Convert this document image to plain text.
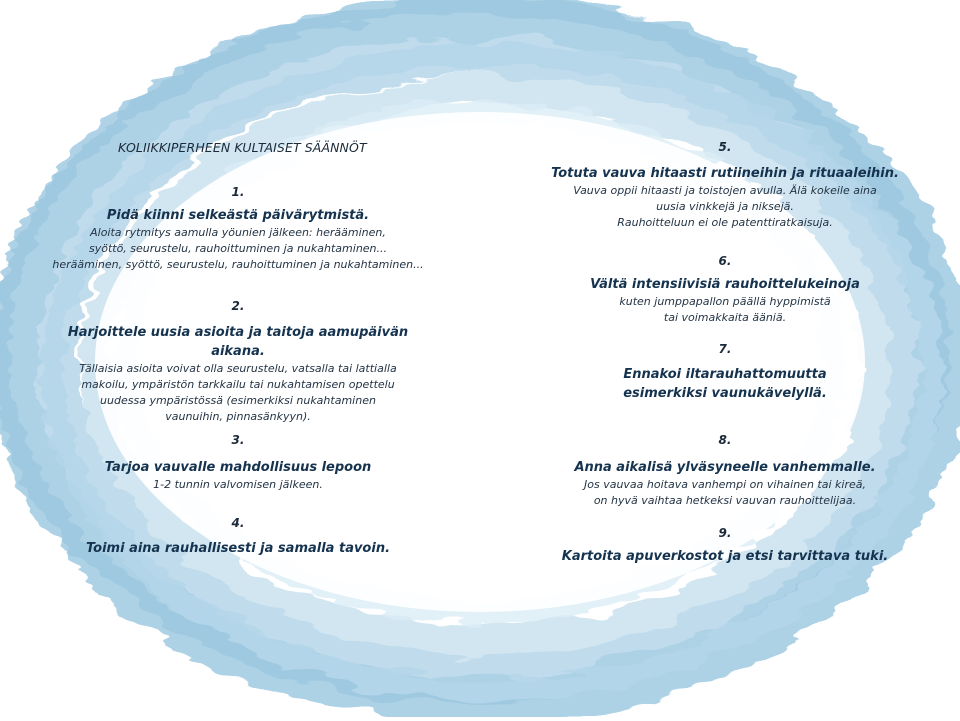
KOLIIKKIPERHEEN KULTAISET SÄÄNNÖT
1.
Pidä kiinni selkeästä päivärytmistä.
Aloita rytmitys aamulla yöunien jälkeen: herääminen,
syöttö, seurustelu, rauhoittuminen ja nukahtaminen...
herääminen, syöttö, seurustelu, rauhoittuminen ja nukahtaminen...
2.
Harjoittele uusia asioita ja taitoja aamupäivän aikana.
Tällaisia asioita voivat olla seurustelu, vatsalla tai lattialla
makoilu, ympäristön tarkkailu tai nukahtamisen opettelu
uudessa ympäristössä (esimerkiksi nukahtaminen
vaunuihin, pinnasänkyyn).
3.
Tarjoa vauvalle mahdollisuus lepoon
1-2 tunnin valvomisen jälkeen.
4.
Toimi aina rauhallisesti ja samalla tavoin.
5.
Totuta vauva hitaasti rutiineihin ja rituaaleihin.
Vauva oppii hitaasti ja toistojen avulla. Älä kokeile aina
uusia vinkkejä ja niksejä.
Rauhoitteluun ei ole patenttiratkaisuja.
6.
Vältä intensiivisiä rauhoittelukeinoja
kuten jumppapallon päällä hyppimistä
tai voimakkaita ääniä.
7.
Ennakoi iltarauhattomuutta
esimerkiksi vaunukävelyllä.
8.
Anna aikalisä ylväsyneelle vanhemmalle.
Jos vauvaa hoitava vanhempi on vihainen tai kireä,
on hyvä vaihtaa hetkeksi vauvan rauhoittelijaa.
9.
Kartoita apuverkostot ja etsi tarvittava tuki.
